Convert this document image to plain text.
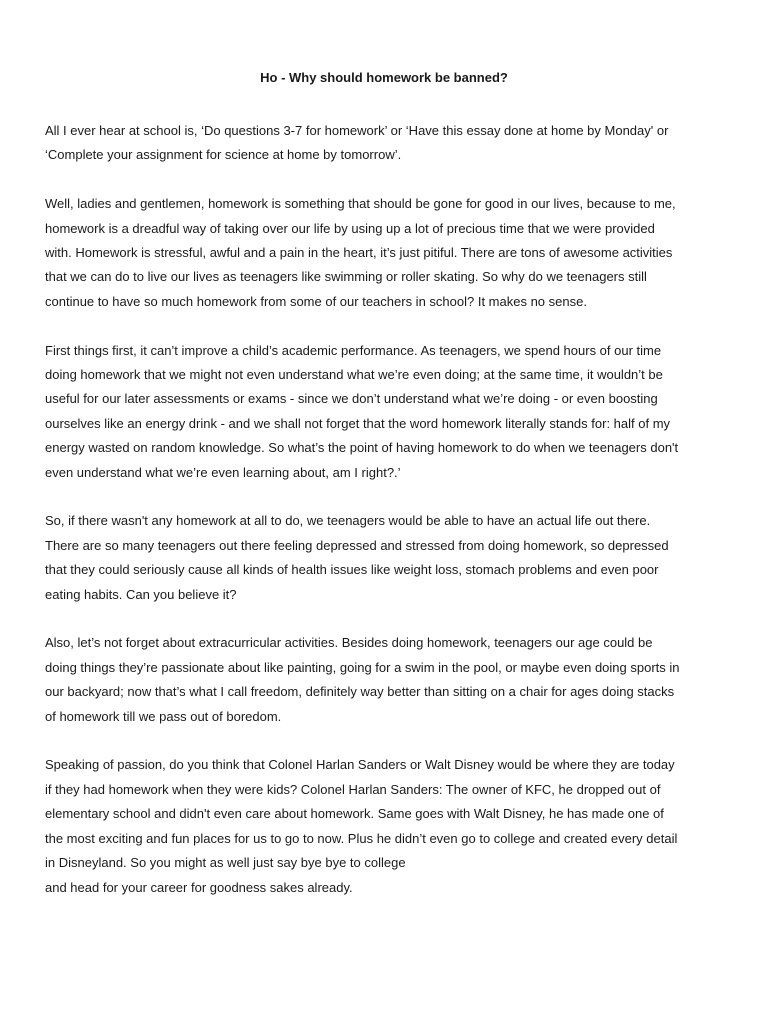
Ho - Why should homework be banned?

All I ever hear at school is, ‘Do questions 3-7 for homework’ or ‘Have this essay done at home by Monday' or
‘Complete your assignment for science at home by tomorrow’.

Well, ladies and gentlemen, homework is something that should be gone for good in our lives, because to me,
homework is a dreadful way of taking over our life by using up a lot of precious time that we were provided
with. Homework is stressful, awful and a pain in the heart, it’s just pitiful. There are tons of awesome activities
that we can do to live our lives as teenagers like swimming or roller skating. So why do we teenagers still
continue to have so much homework from some of our teachers in school? It makes no sense.

First things first, it can’t improve a child’s academic performance. As teenagers, we spend hours of our time
doing homework that we might not even understand what we’re even doing; at the same time, it wouldn’t be
useful for our later assessments or exams - since we don’t understand what we’re doing - or even boosting
ourselves like an energy drink - and we shall not forget that the word homework literally stands for: half of my
energy wasted on random knowledge. So what’s the point of having homework to do when we teenagers don't
even understand what we’re even learning about, am I right?.’

So, if there wasn't any homework at all to do, we teenagers would be able to have an actual life out there.
There are so many teenagers out there feeling depressed and stressed from doing homework, so depressed
that they could seriously cause all kinds of health issues like weight loss, stomach problems and even poor
eating habits. Can you believe it?

Also, let’s not forget about extracurricular activities. Besides doing homework, teenagers our age could be
doing things they’re passionate about like painting, going for a swim in the pool, or maybe even doing sports in
our backyard; now that’s what I call freedom, definitely way better than sitting on a chair for ages doing stacks
of homework till we pass out of boredom.

Speaking of passion, do you think that Colonel Harlan Sanders or Walt Disney would be where they are today
if they had homework when they were kids? Colonel Harlan Sanders: The owner of KFC, he dropped out of
elementary school and didn't even care about homework. Same goes with Walt Disney, he has made one of
the most exciting and fun places for us to go to now. Plus he didn’t even go to college and created every detail
in Disneyland. So you might as well just say bye bye to college
and head for your career for goodness sakes already.
